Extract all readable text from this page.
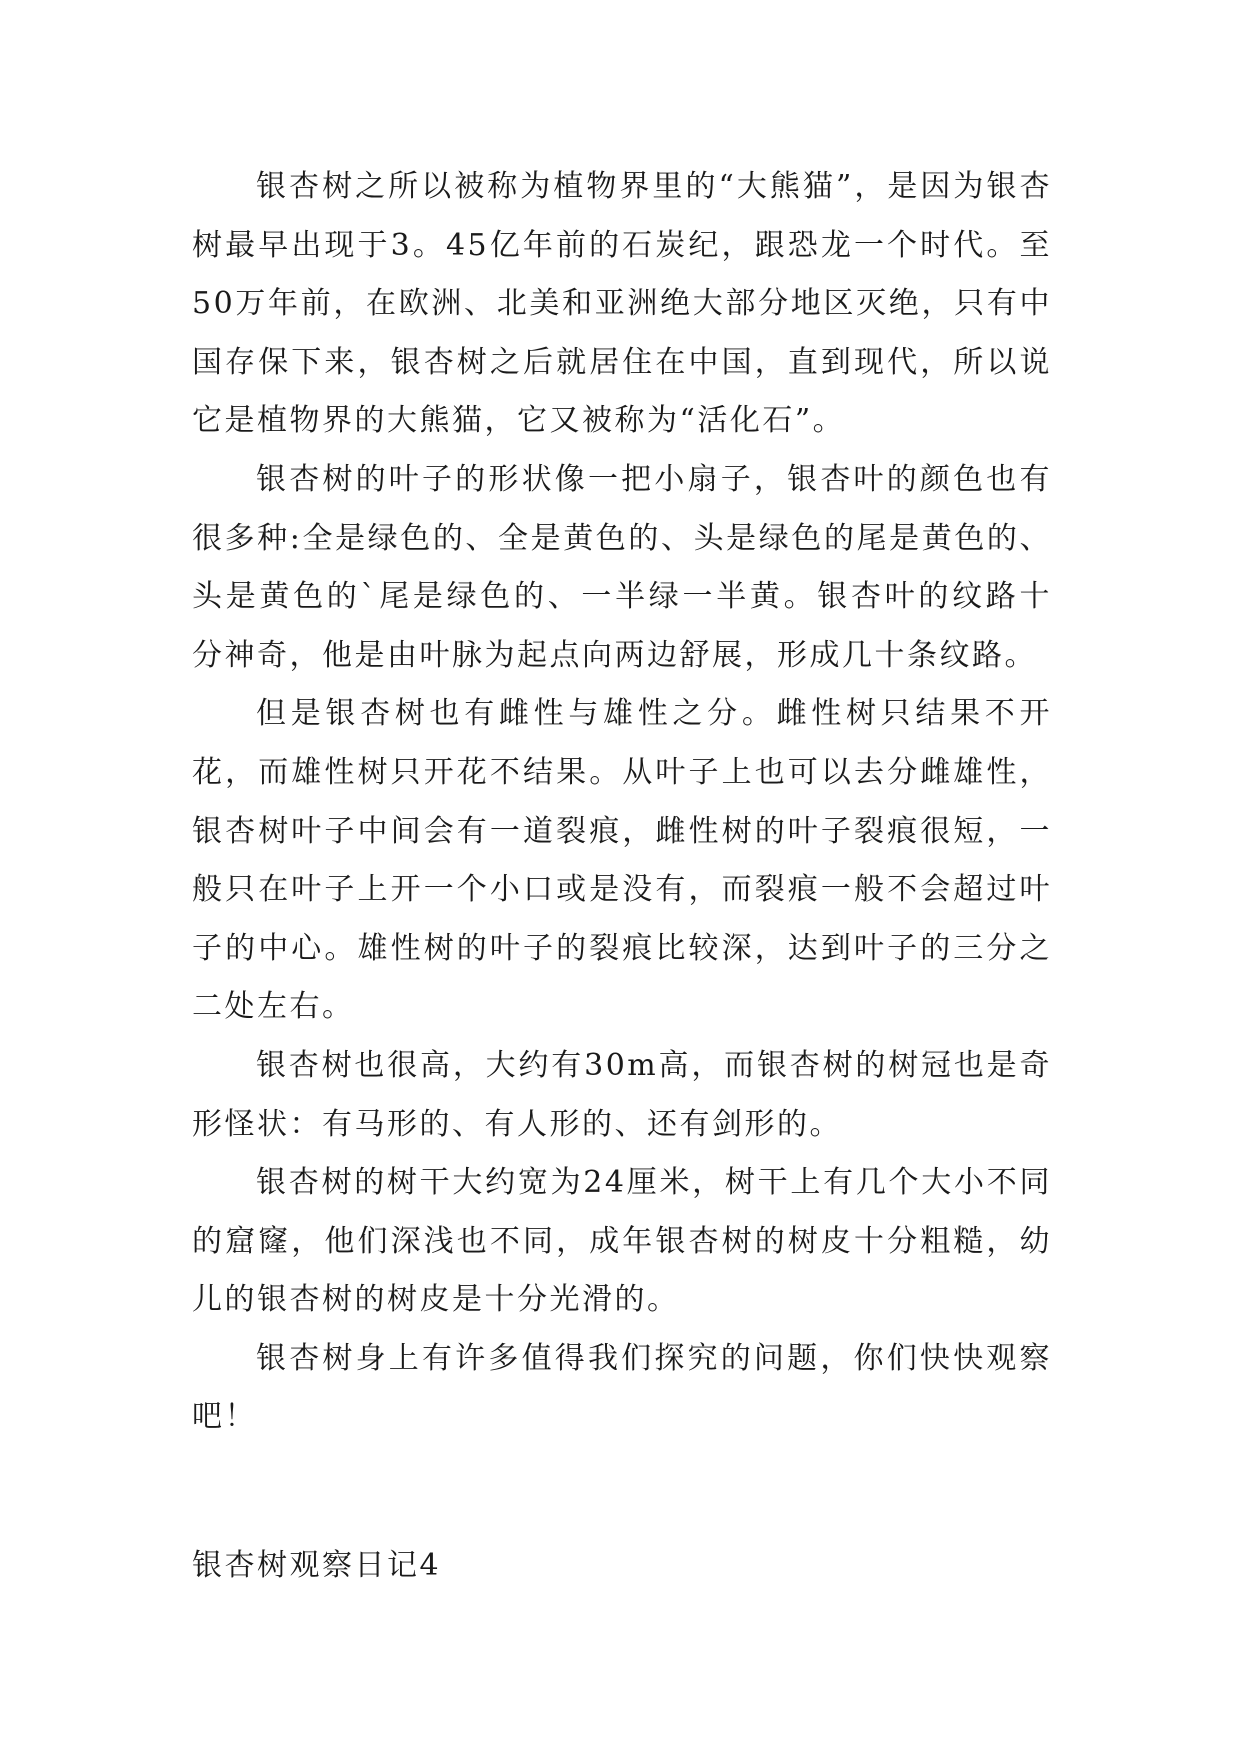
银杏树之所以被称为植物界里的“大熊猫”，是因为银杏树最早出现于3。45亿年前的石炭纪，跟恐龙一个时代。至50万年前，在欧洲、北美和亚洲绝大部分地区灭绝，只有中国存保下来，银杏树之后就居住在中国，直到现代，所以说它是植物界的大熊猫，它又被称为“活化石”。

银杏树的叶子的形状像一把小扇子，银杏叶的颜色也有很多种:全是绿色的、全是黄色的、头是绿色的尾是黄色的、头是黄色的`尾是绿色的、一半绿一半黄。银杏叶的纹路十分神奇，他是由叶脉为起点向两边舒展，形成几十条纹路。

但是银杏树也有雌性与雄性之分。雌性树只结果不开花，而雄性树只开花不结果。从叶子上也可以去分雌雄性，银杏树叶子中间会有一道裂痕，雌性树的叶子裂痕很短，一般只在叶子上开一个小口或是没有，而裂痕一般不会超过叶子的中心。雄性树的叶子的裂痕比较深，达到叶子的三分之二处左右。

银杏树也很高，大约有30m高，而银杏树的树冠也是奇形怪状：有马形的、有人形的、还有剑形的。

银杏树的树干大约宽为24厘米，树干上有几个大小不同的窟窿，他们深浅也不同，成年银杏树的树皮十分粗糙，幼儿的银杏树的树皮是十分光滑的。

银杏树身上有许多值得我们探究的问题，你们快快观察吧！

银杏树观察日记4
